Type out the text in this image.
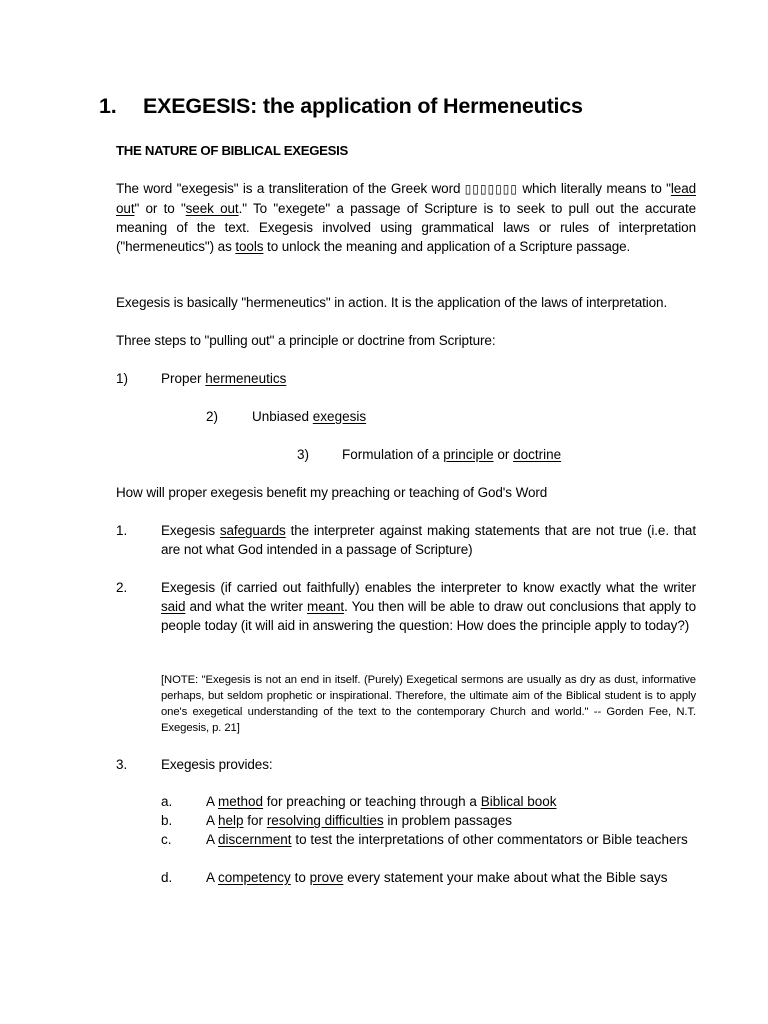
1. EXEGESIS: the application of Hermeneutics
THE NATURE OF BIBLICAL EXEGESIS

The word "exegesis" is a transliteration of the Greek word ▯▯▯▯▯▯▯ which literally means to "lead out" or to "seek out." To "exegete" a passage of Scripture is to seek to pull out the accurate meaning of the text. Exegesis involved using grammatical laws or rules of interpretation ("hermeneutics") as tools to unlock the meaning and application of a Scripture passage.

Exegesis is basically "hermeneutics" in action. It is the application of the laws of interpretation.

Three steps to "pulling out" a principle or doctrine from Scripture:

1) Proper hermeneutics
2)	Unbiased exegesis
3) Formulation of a principle or doctrine

How will proper exegesis benefit my preaching or teaching of God's Word

1. Exegesis safeguards the interpreter against making statements that are not true (i.e. that are not what God intended in a passage of Scripture)
2. Exegesis (if carried out faithfully) enables the interpreter to know exactly what the writer said and what the writer meant. You then will be able to draw out conclusions that apply to people today (it will aid in answering the question: How does the principle apply to today?)

[NOTE: "Exegesis is not an end in itself. (Purely) Exegetical sermons are usually as dry as dust, informative perhaps, but seldom prophetic or inspirational. Therefore, the ultimate aim of the Biblical student is to apply one's exegetical understanding of the text to the contemporary Church and world." -- Gorden Fee, N.T. Exegesis, p. 21]

3. Exegesis provides:
a. A method for preaching or teaching through a Biblical book
b. A help for resolving difficulties in problem passages
c.	A discernment to test the interpretations of other commentators or Bible teachers
d. A competency to prove every statement your make about what the Bible says
